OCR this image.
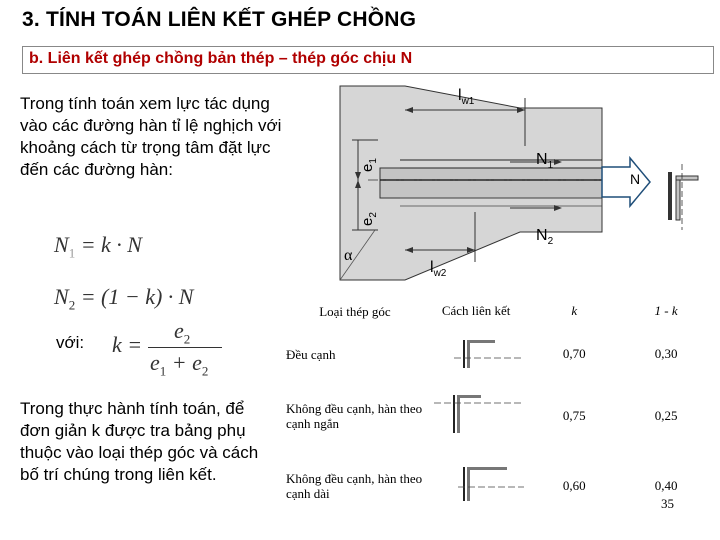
3. TÍNH TOÁN LIÊN KẾT GHÉP CHỒNG
b. Liên kết ghép chồng bản thép – thép góc chịu N
Trong tính toán xem lực tác dụng vào các đường hàn tỉ lệ nghịch với khoảng cách từ trọng tâm đặt lực đến các đường hàn:
$N_1 = k \cdot N$
$N_2 = (1 - k) \cdot N$
với: k =
$e_2$
$e_1 + e_2$
Trong thực hành tính toán, để đơn giản k được tra bảng phụ thuộc vào loại thép góc và cách bố trí chúng trong liên kết.
$l_{w1}$
$l_{w2}$
$N_1$
$N_2$
N
α
$e_1$
$e_2$
Loại thép góc	Cách liên kết	k	1 - k
Đều cạnh		0,70	0,30
Không đều cạnh, hàn theo cạnh ngắn		0,75	0,25
Không đều cạnh, hàn theo cạnh dài		0,60	0,40
35
